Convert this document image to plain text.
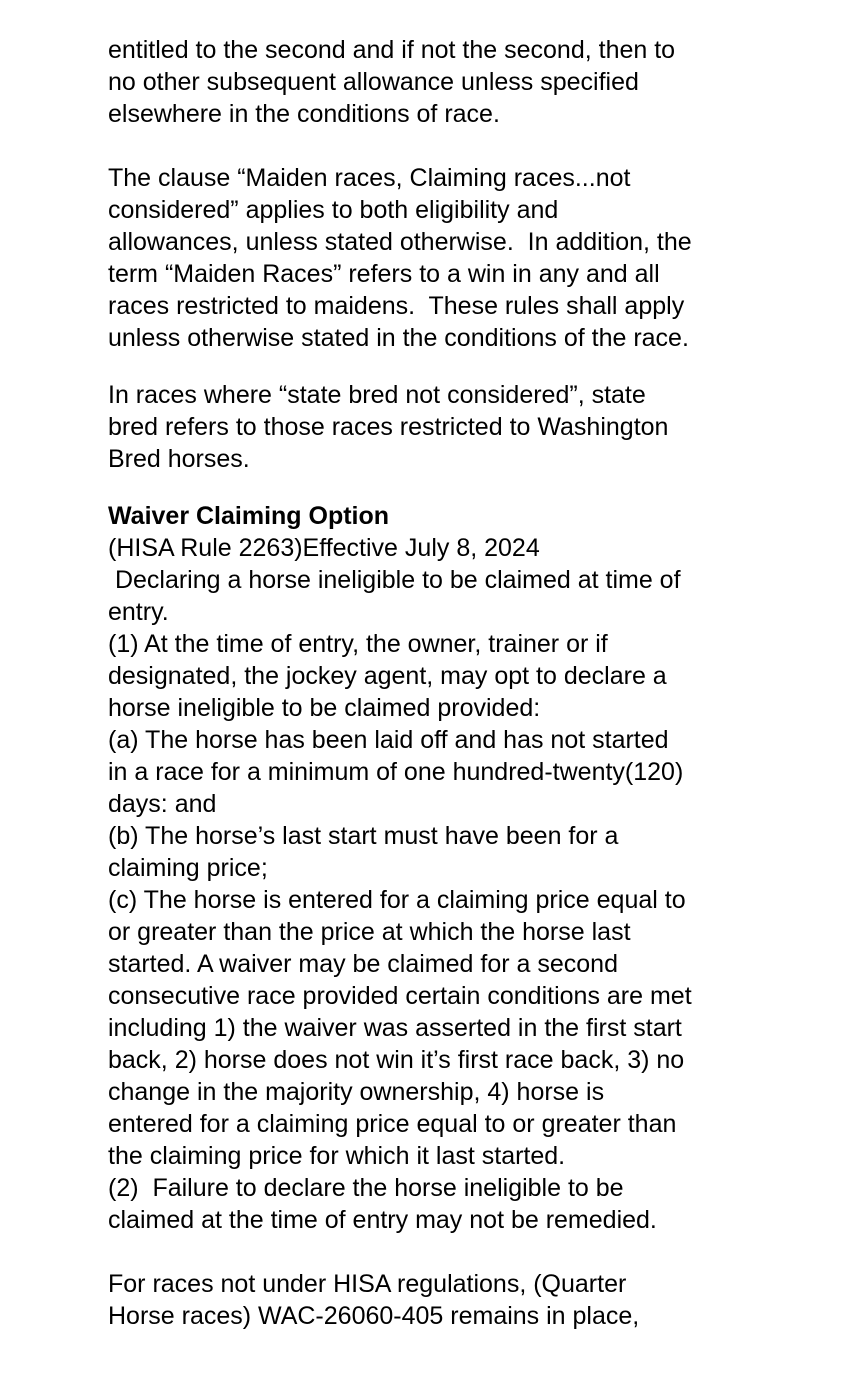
entitled to the second and if not the second, then to
no other subsequent allowance unless specified
elsewhere in the conditions of race.
The clause “Maiden races, Claiming races...not
considered” applies to both eligibility and
allowances, unless stated otherwise.  In addition, the
term “Maiden Races” refers to a win in any and all
races restricted to maidens.  These rules shall apply
unless otherwise stated in the conditions of the race.
In races where “state bred not considered”, state
bred refers to those races restricted to Washington
Bred horses.
Waiver Claiming Option
(HISA Rule 2263)Effective July 8, 2024
Declaring a horse ineligible to be claimed at time of
entry.
(1) At the time of entry, the owner, trainer or if
designated, the jockey agent, may opt to declare a
horse ineligible to be claimed provided:
(a) The horse has been laid off and has not started
in a race for a minimum of one hundred-twenty(120)
days: and
(b) The horse’s last start must have been for a
claiming price;
(c) The horse is entered for a claiming price equal to
or greater than the price at which the horse last
started. A waiver may be claimed for a second
consecutive race provided certain conditions are met
including 1) the waiver was asserted in the first start
back, 2) horse does not win it’s first race back, 3) no
change in the majority ownership, 4) horse is
entered for a claiming price equal to or greater than
the claiming price for which it last started.
(2)  Failure to declare the horse ineligible to be
claimed at the time of entry may not be remedied.
For races not under HISA regulations, (Quarter
Horse races) WAC-26060-405 remains in place,
